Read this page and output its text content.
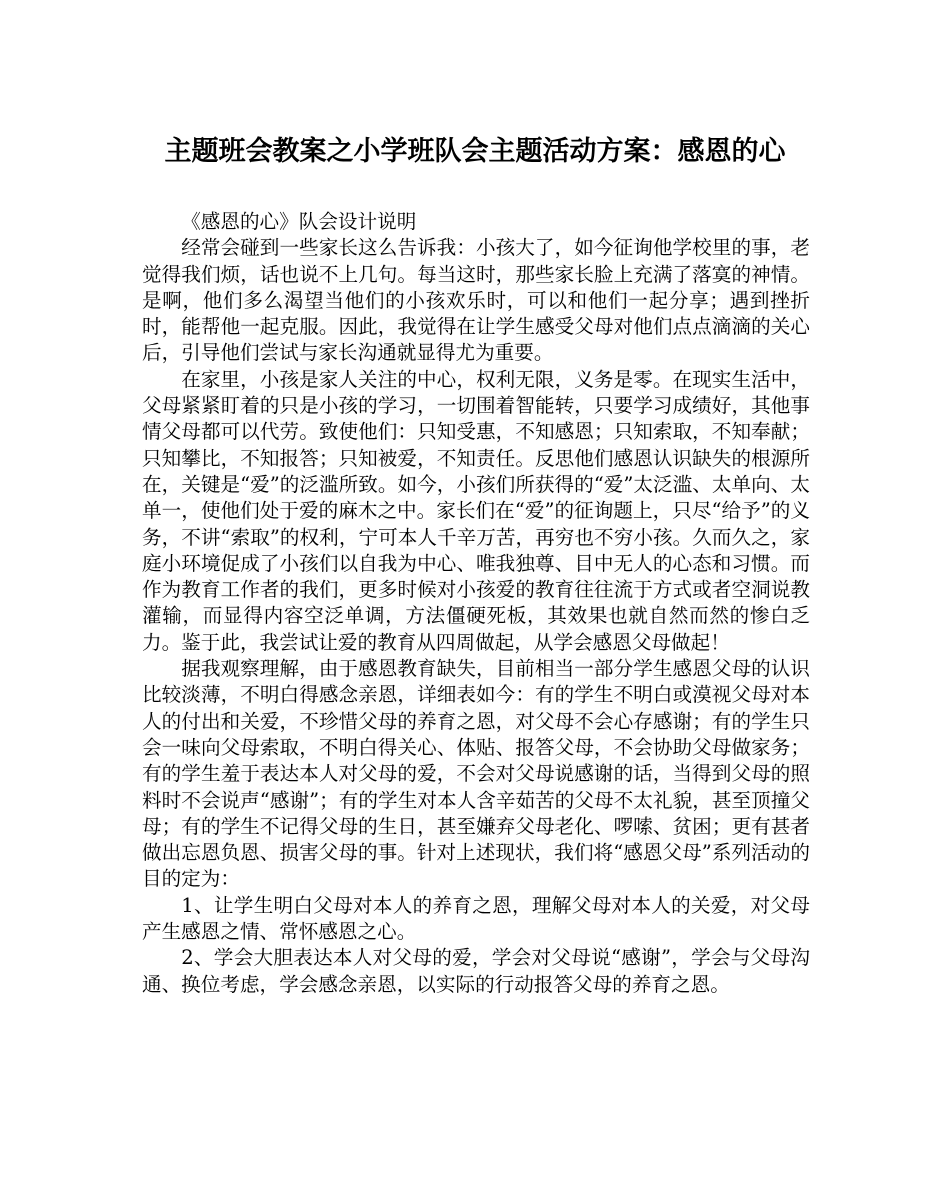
主题班会教案之小学班队会主题活动方案：感恩的心

《感恩的心》队会设计说明

经常会碰到一些家长这么告诉我：小孩大了，如今征询他学校里的事，老觉得我们烦，话也说不上几句。每当这时，那些家长脸上充满了落寞的神情。是啊，他们多么渴望当他们的小孩欢乐时，可以和他们一起分享；遇到挫折时，能帮他一起克服。因此，我觉得在让学生感受父母对他们点点滴滴的关心后，引导他们尝试与家长沟通就显得尤为重要。

在家里，小孩是家人关注的中心，权利无限，义务是零。在现实生活中，父母紧紧盯着的只是小孩的学习，一切围着智能转，只要学习成绩好，其他事情父母都可以代劳。致使他们：只知受惠，不知感恩；只知索取，不知奉献；只知攀比，不知报答；只知被爱，不知责任。反思他们感恩认识缺失的根源所在，关键是“爱”的泛滥所致。如今，小孩们所获得的“爱”太泛滥、太单向、太单一，使他们处于爱的麻木之中。家长们在“爱”的征询题上，只尽“给予”的义务，不讲“索取”的权利，宁可本人千辛万苦，再穷也不穷小孩。久而久之，家庭小环境促成了小孩们以自我为中心、唯我独尊、目中无人的心态和习惯。而作为教育工作者的我们，更多时候对小孩爱的教育往往流于方式或者空洞说教灌输，而显得内容空泛单调，方法僵硬死板，其效果也就自然而然的惨白乏力。鉴于此，我尝试让爱的教育从四周做起，从学会感恩父母做起！

据我观察理解，由于感恩教育缺失，目前相当一部分学生感恩父母的认识比较淡薄，不明白得感念亲恩，详细表如今：有的学生不明白或漠视父母对本人的付出和关爱，不珍惜父母的养育之恩，对父母不会心存感谢；有的学生只会一味向父母索取，不明白得关心、体贴、报答父母，不会协助父母做家务；有的学生羞于表达本人对父母的爱，不会对父母说感谢的话，当得到父母的照料时不会说声“感谢”；有的学生对本人含辛茹苦的父母不太礼貌，甚至顶撞父母；有的学生不记得父母的生日，甚至嫌弃父母老化、啰嗦、贫困；更有甚者做出忘恩负恩、损害父母的事。针对上述现状，我们将“感恩父母”系列活动的目的定为：

1、让学生明白父母对本人的养育之恩，理解父母对本人的关爱，对父母产生感恩之情、常怀感恩之心。

2、学会大胆表达本人对父母的爱，学会对父母说“感谢”，学会与父母沟通、换位考虑，学会感念亲恩，以实际的行动报答父母的养育之恩。
